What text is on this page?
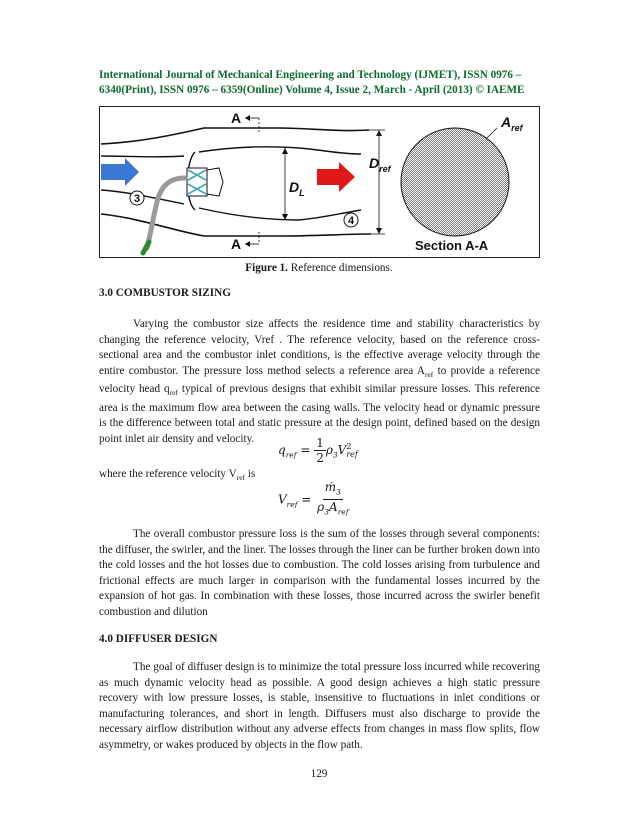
International Journal of Mechanical Engineering and Technology (IJMET), ISSN 0976 –
6340(Print), ISSN 0976 – 6359(Online) Volume 4, Issue 2, March - April (2013) © IAEME
A
A
$D_L$
$D_{ref}$
$A_{ref}$
3
4
Section A-A
Figure 1. Reference dimensions.
3.0 COMBUSTOR SIZING

Varying the combustor size affects the residence time and stability characteristics by changing the reference velocity, Vref . The reference velocity, based on the reference cross-sectional area and the combustor inlet conditions, is the effective average velocity through the entire combustor. The pressure loss method selects a reference area $A_{ref}$ to provide a reference velocity head $q_{ref}$ typical of previous designs that exhibit similar pressure losses. This reference area is the maximum flow area between the casing walls. The velocity head or dynamic pressure is the difference between total and static pressure at the design point, defined based on the design point inlet air density and velocity.

$q_{ref} = \frac{1}{2} \rho_3V$ 2
ref
where the reference velocity $V_{ref}$ is
$V_{ref} = \frac{ṁ_3}{\rho_3A_{ref}}$

The overall combustor pressure loss is the sum of the losses through several components: the diffuser, the swirler, and the liner. The losses through the liner can be further broken down into the cold losses and the hot losses due to combustion. The cold losses arising from turbulence and frictional effects are much larger in comparison with the fundamental losses incurred by the expansion of hot gas. In combination with these losses, those incurred across the swirler benefit combustion and dilution

4.0 DIFFUSER DESIGN

The goal of diffuser design is to minimize the total pressure loss incurred while recovering as much dynamic velocity head as possible. A good design achieves a high static pressure recovery with low pressure losses, is stable, insensitive to fluctuations in inlet conditions or manufacturing tolerances, and short in length. Diffusers must also discharge to provide the necessary airflow distribution without any adverse effects from changes in mass flow splits, flow asymmetry, or wakes produced by objects in the flow path.

129
